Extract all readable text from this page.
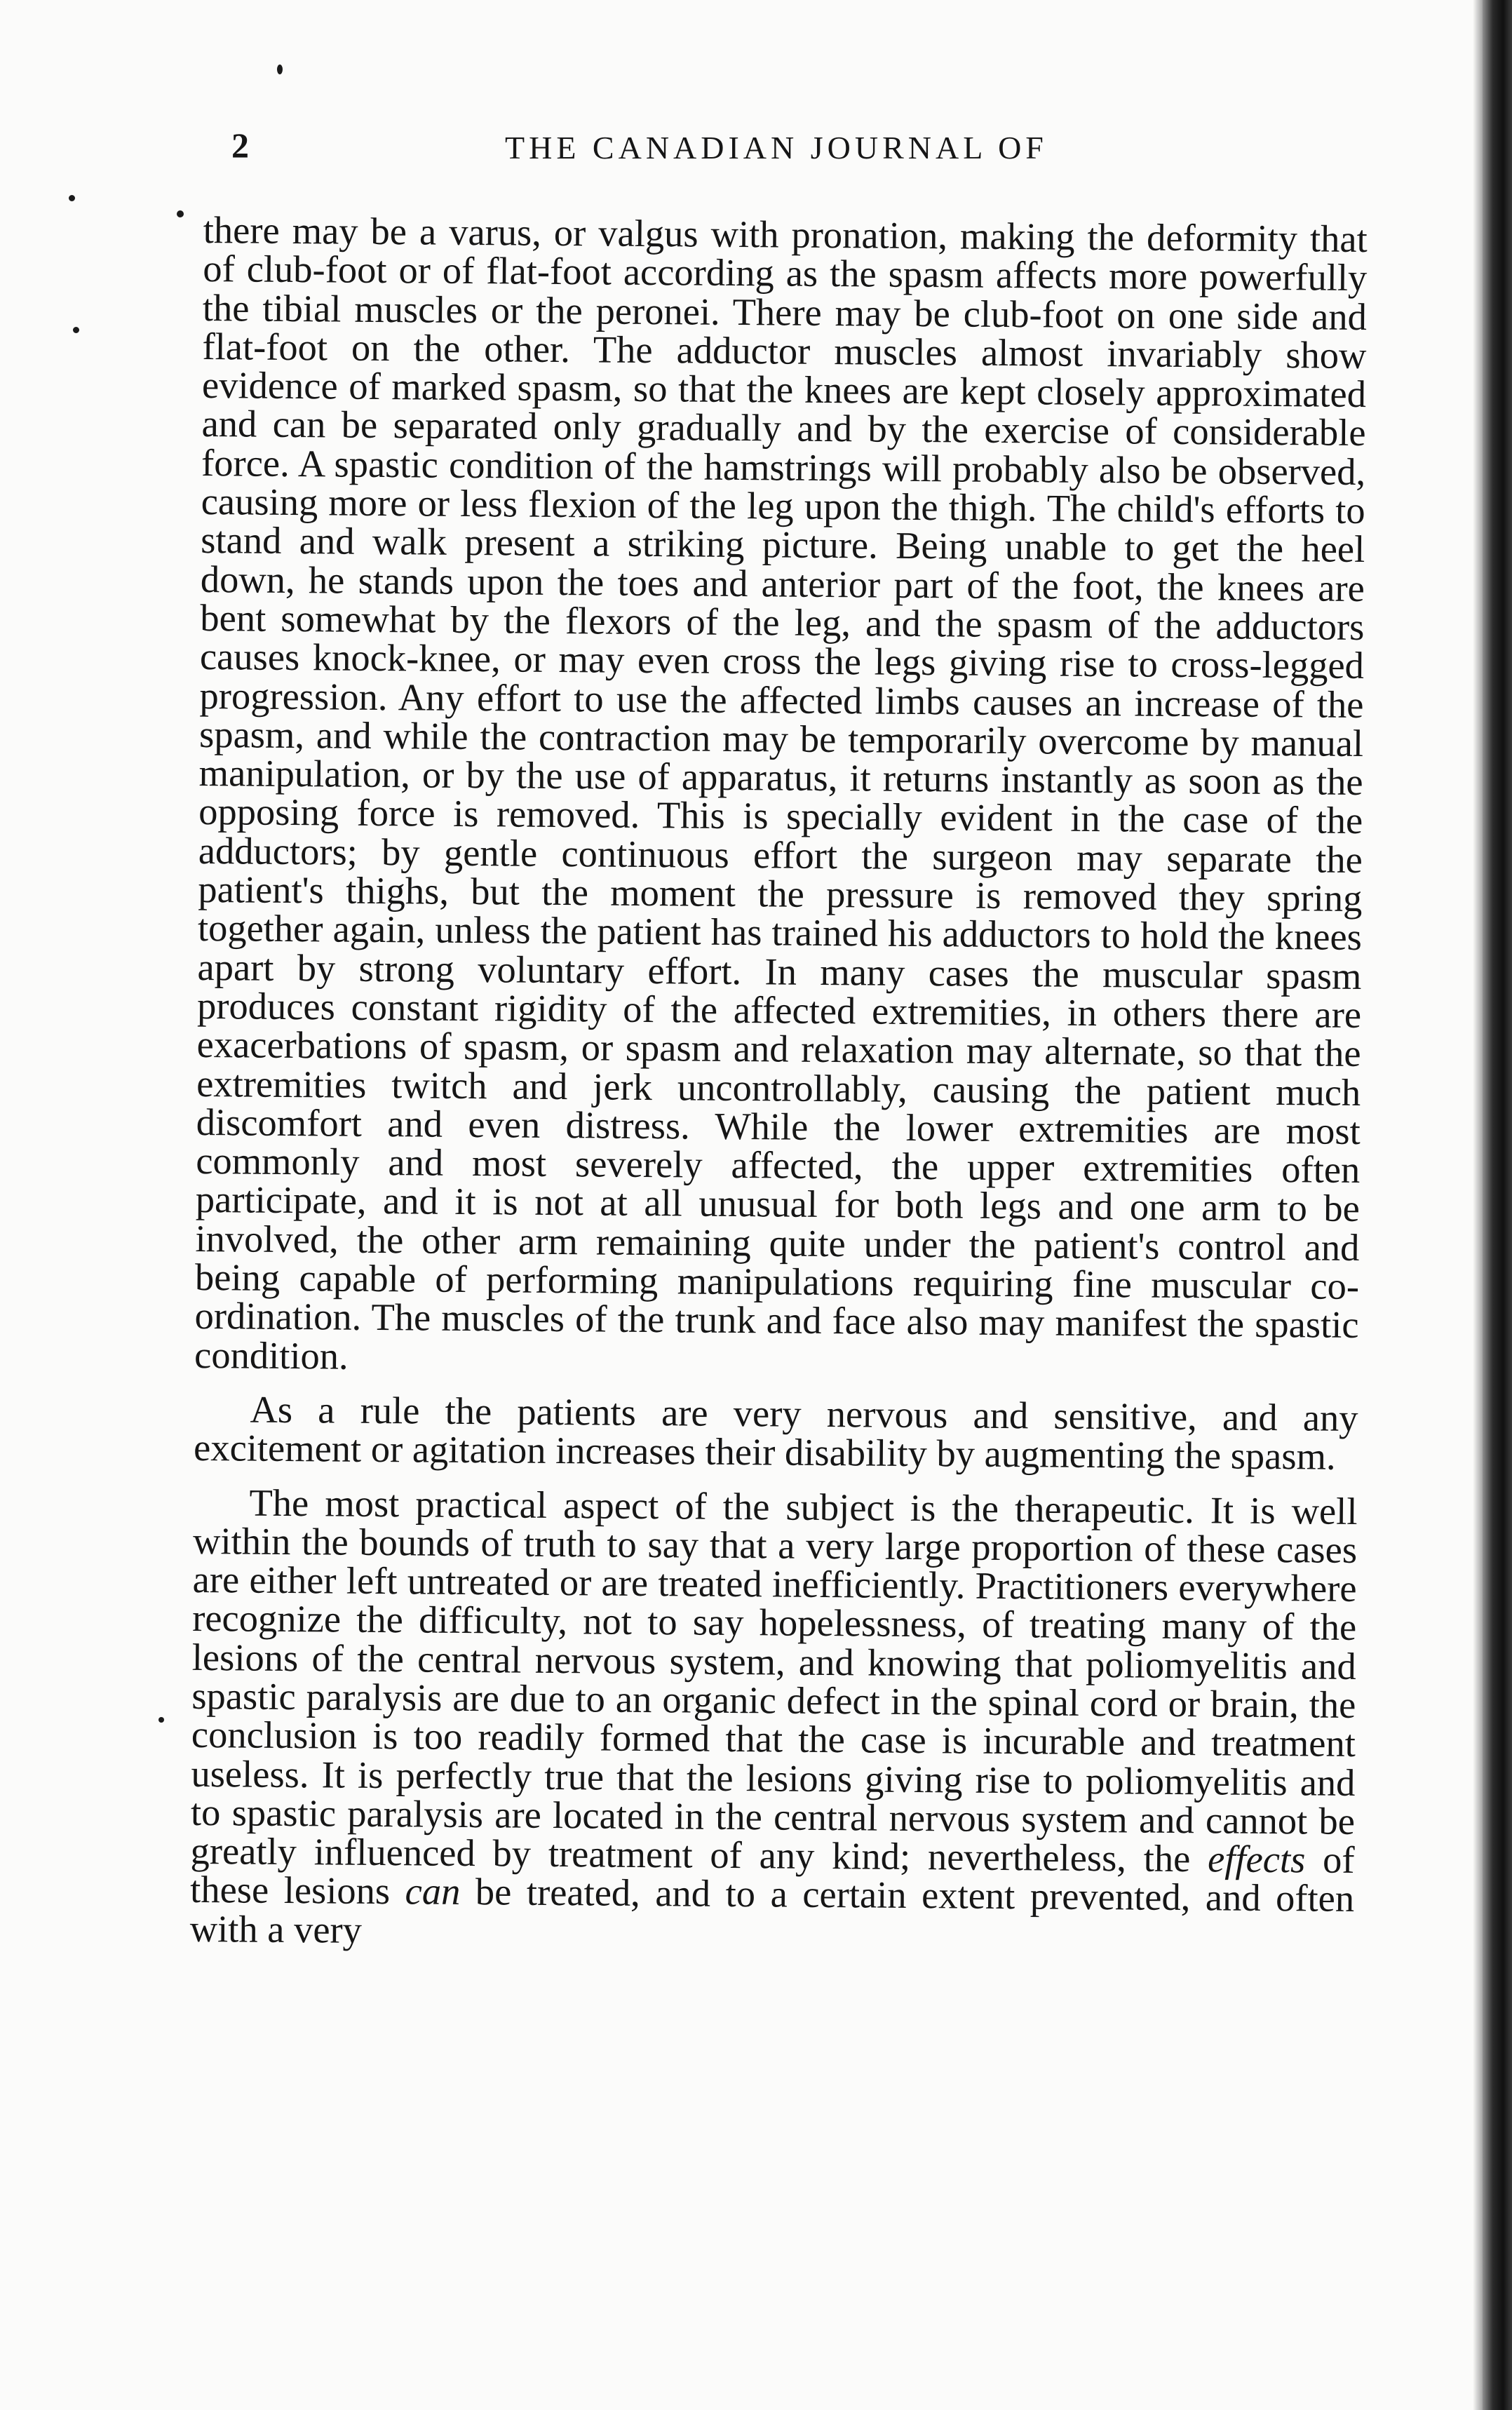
2	THE CANADIAN JOURNAL OF

there may be a varus, or valgus with pronation, making the deformity that of club-foot or of flat-foot according as the spasm affects more powerfully the tibial muscles or the peronei. There may be club-foot on one side and flat-foot on the other. The adductor muscles almost invariably show evidence of marked spasm, so that the knees are kept closely approximated and can be separated only gradually and by the exercise of considerable force. A spastic condition of the hamstrings will probably also be observed, causing more or less flexion of the leg upon the thigh. The child's efforts to stand and walk present a striking picture. Being unable to get the heel down, he stands upon the toes and anterior part of the foot, the knees are bent somewhat by the flexors of the leg, and the spasm of the adductors causes knock-knee, or may even cross the legs giving rise to cross-legged progression. Any effort to use the affected limbs causes an increase of the spasm, and while the contraction may be temporarily overcome by manual manipulation, or by the use of apparatus, it returns instantly as soon as the opposing force is removed. This is specially evident in the case of the adductors; by gentle continuous effort the surgeon may separate the patient's thighs, but the moment the pressure is removed they spring together again, unless the patient has trained his adductors to hold the knees apart by strong voluntary effort. In many cases the muscular spasm produces constant rigidity of the affected extremities, in others there are exacerbations of spasm, or spasm and relaxation may alternate, so that the extremities twitch and jerk uncontrollably, causing the patient much discomfort and even distress. While the lower extremities are most commonly and most severely affected, the upper extremities often participate, and it is not at all unusual for both legs and one arm to be involved, the other arm remaining quite under the patient's control and being capable of performing manipulations requiring fine muscular co-ordination. The muscles of the trunk and face also may manifest the spastic condition.

As a rule the patients are very nervous and sensitive, and any excitement or agitation increases their disability by augmenting the spasm.

The most practical aspect of the subject is the therapeutic. It is well within the bounds of truth to say that a very large proportion of these cases are either left untreated or are treated inefficiently. Practitioners everywhere recognize the difficulty, not to say hopelessness, of treating many of the lesions of the central nervous system, and knowing that poliomyelitis and spastic paralysis are due to an organic defect in the spinal cord or brain, the conclusion is too readily formed that the case is incurable and treatment useless. It is perfectly true that the lesions giving rise to poliomyelitis and to spastic paralysis are located in the central nervous system and cannot be greatly influenced by treatment of any kind; nevertheless, the effects of these lesions can be treated, and to a certain extent prevented, and often with a very
